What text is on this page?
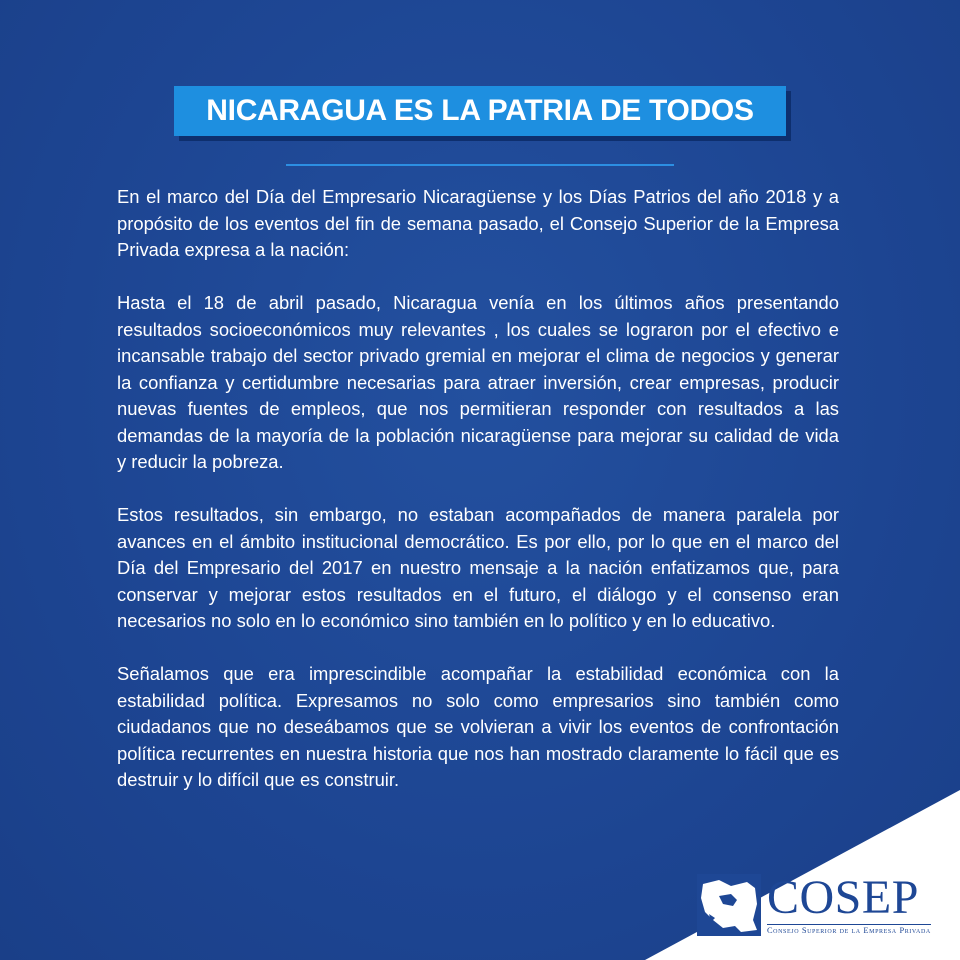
NICARAGUA ES LA PATRIA DE TODOS

En el marco del Día del Empresario Nicaragüense y los Días Patrios del año 2018 y a propósito de los eventos del fin de semana pasado, el Consejo Superior de la Empresa Privada expresa a la nación:

Hasta el 18 de abril pasado, Nicaragua venía en los últimos años presentando resultados socioeconómicos muy relevantes , los cuales se lograron por el efectivo e incansable trabajo del sector privado gremial en mejorar el clima de negocios y generar la confianza y certidumbre necesarias para atraer inversión, crear empresas, producir nuevas fuentes de empleos, que nos permitieran responder con resultados a las demandas de la mayoría de la población nicaragüense para mejorar su calidad de vida y reducir la pobreza.

Estos resultados, sin embargo, no estaban acompañados de manera paralela por avances en el ámbito institucional democrático. Es por ello, por lo que en el marco del Día del Empresario del 2017 en nuestro mensaje a la nación enfatizamos que, para conservar y mejorar estos resultados en el futuro, el diálogo y el consenso eran necesarios no solo en lo económico sino también en lo político y en lo educativo.

Señalamos que era imprescindible acompañar la estabilidad económica con la estabilidad política. Expresamos no solo como empresarios sino también como ciudadanos que no deseábamos que se volvieran a vivir los eventos de confrontación política recurrentes en nuestra historia que nos han mostrado claramente lo fácil que es destruir y lo difícil que es construir.

COSEP
Consejo Superior de la Empresa Privada
